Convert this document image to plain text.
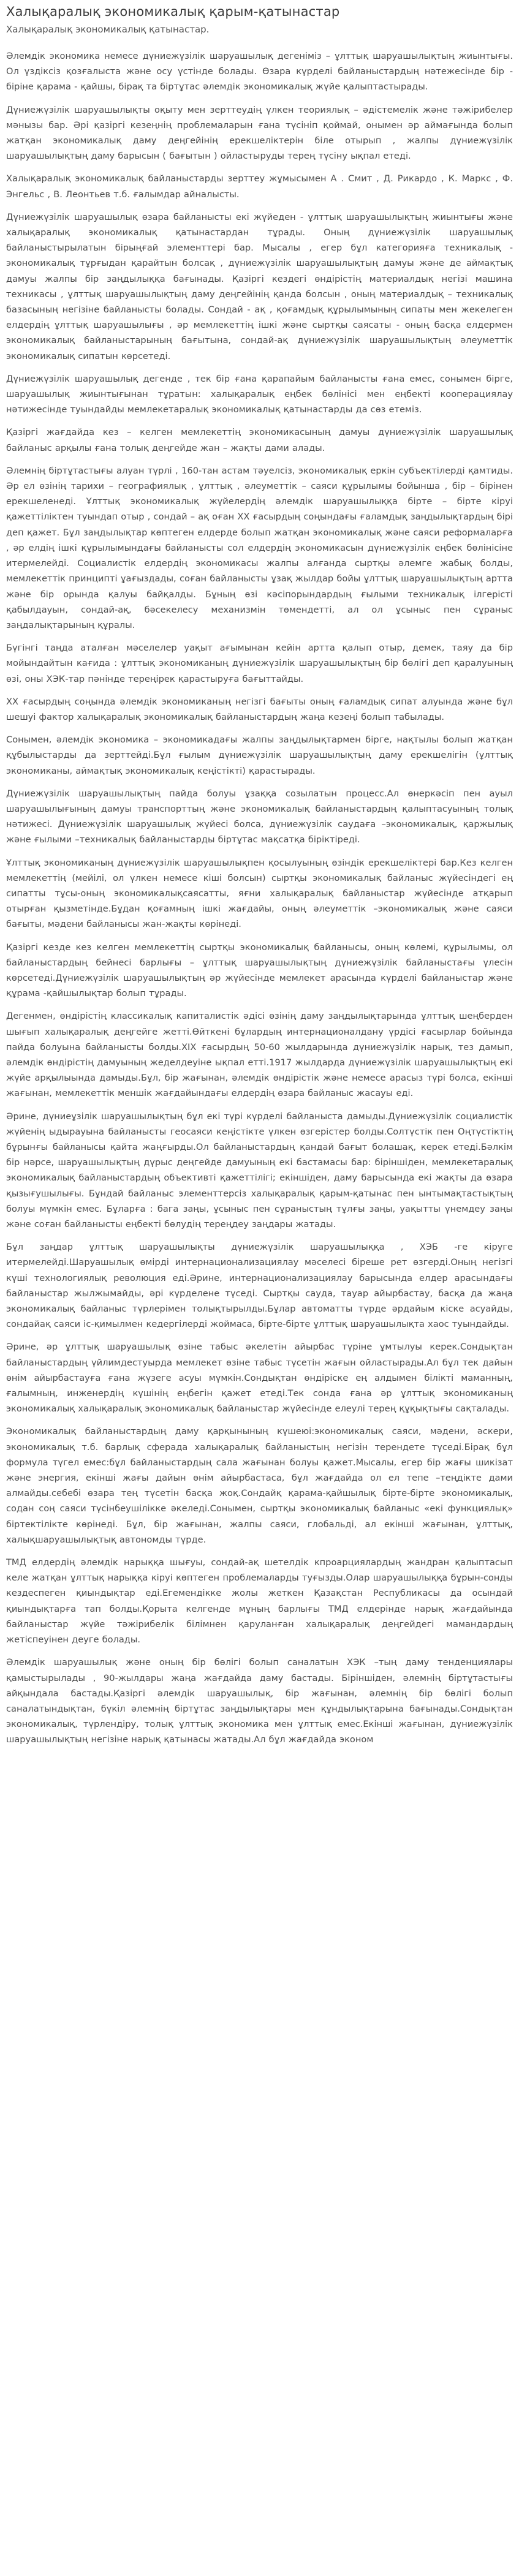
Халықаралық экономикалық қарым-қатынастар
Халықаралық экономикалық қатынастар.

Әлемдік экономика немесе дүниежүзілік шаруашылық дегеніміз – ұлттық шаруашылықтың жиынтығы. Ол үздіксіз қозғалыста және осу үстінде болады. Өзара күрделі байланыстардың нәтежесінде бір - біріне қарама - қайшы, бірақ та біртұтас әлемдік экономикалық жүйе қалыптастырады.

Дүниежүзілік шаруашылықты оқыту мен зерттеудің үлкен теориялық – әдістемелік және тәжірибелер мәнызы бар. Әрі қазіргі кезеңнің проблемаларын ғана түсініп қоймай, онымен әр аймағында болып жатқан экономикалық даму деңгейінің ерекшеліктерін біле отырып , жалпы дүниежүзілік шаруашылықтың даму барысын ( бағытын ) ойластыруды терең түсіну ықпал етеді.

Халықаралық экономикалық байланыстарды зерттеу жұмысымен А . Смит , Д. Рикардо , К. Маркс , Ф. Энгельс , В. Леонтьев т.б. ғалымдар айналысты.

Дүниежүзілік шаруашылық өзара байланысты екі жүйеден - ұлттық шаруашылықтың жиынтығы және халықаралық экономикалық қатынастардан тұрады. Оның дүниежүзілік шаруашылық байланыстырылатын бірыңғай элементтері бар. Мысалы , егер бұл категорияға техникалық - экономикалық тұрғыдан қарайтын болсақ , дүниежүзілік шаруашылықтың дамуы және де аймақтық дамуы жалпы бір заңдылыққа бағынады. Қазіргі кездегі өндірістің материалдық негізі машина техникасы , ұлттық шаруашылықтың даму деңгейінің қанда болсын , оның материалдық – техникалық базасының негізіне байланысты болады. Сондай - ақ , қоғамдық құрылымының сипаты мен жекелеген елдердің ұлттық шаруашылығы , әр мемлекеттің ішкі және сыртқы саясаты - оның басқа елдермен экономикалық байланыстарының бағытына, сондай-ақ дүниежүзілік шаруашылықтың әлеуметтік экономикалық сипатын көрсетеді.

Дүниежүзілік шаруашылық дегенде , тек бір ғана қарапайым байланысты ғана емес, сонымен бірге, шаруашылық жиынтығынан тұратын: халықаралық еңбек бөлінісі мен еңбекті кооперациялау нәтижесінде туындайды мемлекетаралық экономикалық қатынастарды да сөз етеміз.

Қазіргі жағдайда кез – келген мемлекеттің экономикасының дамуы дүниежүзілік шаруашылық байланыс арқылы ғана толық деңгейде жан – жақты дами алады.

Әлемнің біртұтастығы алуан түрлі , 160-тан астам тәуелсіз, экономикалық еркін субъектілерді қамтиды. Әр ел өзінің тарихи – географиялық , ұлттық , әлеуметтік – саяси құрылымы бойынша , бір – бірінен ерекшеленеді. Ұлттық экономикалық жүйелердің әлемдік шаруашылыққа бірте – бірте кіруі қажеттіліктен туындап отыр , сондай – ақ оған ХХ ғасырдың соңындағы ғаламдық заңдылықтардың бірі деп қажет. Бұл заңдылықтар көптеген елдерде болып жатқан экономикалық және саяси реформаларға , әр елдің ішкі құрылымындағы байланысты сол елдердің экономикасын дүниежүзілік еңбек бөлінісіне итермелейді. Социалистік елдердің экономикасы жалпы алғанда сыртқы әлемге жабық болды, мемлекеттік принципті ұағыздады, соған байланысты ұзақ жылдар бойы ұлттық шаруашылықтың артта және бір орында қалуы байқалды. Бұның өзі кәсіпорындардың ғылыми техникалық ілгерісті қабылдауын, сондай-ақ, бәсекелесу механизмін төмендетті, ал ол ұсыныс пен сұраныс заңдалықтарының құралы.

Бүгінгі таңда аталған мәселелер уақыт ағымынан кейін артта қалып отыр, демек, таяу да бір мойындайтын кағида : ұлттық экономиканың дүниежүзілік шаруашылықтың бір бөлігі деп қаралуының өзі, оны ХЭК-тар пәнінде тереңірек қарастыруға бағыттайды.

ХХ ғасырдың соңында әлемдік экономиканың негізгі бағыты оның ғаламдық сипат алуында және бұл шешуі фактор халықаралық экономикалық байланыстардың жаңа кезеңі болып табылады.

Сонымен, әлемдік экономика – экономикадағы жалпы заңдылықтармен бірге, нақтылы болып жатқан құбылыстарды да зерттейді.Бұл ғылым дүниежүзілік шаруашылықтың даму ерекшелігін (ұлттық экономиканы, аймақтық экономикалық кеңістікті) қарастырады.

Дүниежүзілік шаруашылықтың пайда болуы ұзаққа созылатын процесс.Ал өнеркәсіп пен ауыл шаруашылығының дамуы транспорттың және экономикалық байланыстардың қалыптасуының толық нәтижесі. Дүниежүзілік шаруашылық жүйесі болса, дүниежүзілік саудаға –экономикалық, қаржылық және ғылыми –техникалық байланыстарды біртұтас мақсатқа біріктіреді.

Ұлттық экономиканың дүниежүзілік шаруашылықпен қосылуының өзіндік ерекшеліктері бар.Кез келген мемлекеттің (мейілі, ол үлкен немесе кіші болсын) сыртқы экономикалық байланыс жүйесіндегі ең сипатты тұсы-оның экономикалықсаясатты, яғни халықаралық байланыстар жүйесінде атқарып отырған қызметінде.Бұдан қоғамның ішкі жағдайы, оның әлеуметтік –экономикалық және саяси бағыты, мәдени байланысы жан-жақты көрінеді.

Қазіргі кезде кез келген мемлекеттің сыртқы экономикалық байланысы, оның көлемі, құрылымы, ол байланыстардың бейнесі барлығы – ұлттық шаруашылықтың дүниежүзілік байланыстағы үлесін көрсетеді.Дүниежүзілік шаруашылықтың әр жүйесінде мемлекет арасында күрделі байланыстар және құрама -қайшылықтар болып тұрады.

Дегенмен, өндірістің классикалық капиталистік әдісі өзінің даму заңдылықтарында ұлттық шеңберден шығып халықаралық деңгейге жетті.Өйткені бұлардың интернационалдану үрдісі ғасырлар бойында пайда болуына байланысты болды.XIX ғасырдың 50-60 жылдарында дүниежүзілік нарық, тез дамып, әлемдік өндірістің дамуының жеделдеуіне ықпал етті.1917 жылдарда дүниежүзілік шаруашылықтың екі жүйе арқылыында дамыды.Бұл, бір жағынан, әлемдік өндірістік және немесе арасыз түрі болса, екінші жағынан, мемлекеттік меншік жағдайындағы елдердің өзара байланыс жасауы еді.

Әрине, дүниеұзілік шаруашылықтың бұл екі түрі күрделі байланыста дамыды.Дүниежүзілік социалистік жүйенің ыдырауына байланысты геосаяси кеңістікте үлкен өзгерістер болды.Солтүстік пен Оңтүстіктің бұрынғы байланысы қайта жаңғырды.Ол байланыстардың қандай бағыт болашақ, керек етеді.Бәлкім бір нәрсе, шаруашылықтың дүрыс деңгейде дамуының екі бастамасы бар: біріншіден, мемлекетаралық экономикалық байланыстардың объективті қажеттілігі; екіншіден, даму барысында екі жақты да өзара қызығушылығы. Бұндай байланыс элементтерсіз халықаралық қарым-қатынас пен ынтымақтастықтың болуы мүмкін емес. Бұларға : бага заңы, ұсыныс пен сұраныстың тұлғы заңы, уақытты үнемдеу заңы және соған байланысты еңбекті бөлудің тереңдеу заңдары жатады.

Бұл заңдар ұлттық шаруашылықты дүниежүзілік шаруашылыққа , ХЭБ -ге кіруге итермелейді.Шаруашылық өмірді интернационализациялау мәселесі біреше рет өзгерді.Оның негізгі күші технологиялық революция еді.Әрине, интернационализациялау барысында елдер арасындағы байланыстар жылжымайды, әрі күрделене түседі. Сыртқы сауда, тауар айырбастау, басқа да жаңа экономикалық байланыс түрлерімен толықтырылды.Бұлар автоматты түрде әрдайым кіске асуайды, сондайақ саяси іс-қимылмен кедергілерді жоймаса, бірте-бірте ұлттық шаруашылықта хаос туындайды.

Әрине, әр ұлттық шаруашылық өзіне табыс әкелетін айырбас түріне ұмтылуы керек.Сондықтан байланыстардың үйлимдестуырда мемлекет өзіне табыс түсетін жағын ойластырады.Ал бұл тек дайын өнім айырбастауға ғана жүзеге асуы мүмкін.Сондықтан өндіріске ең алдымен білікті маманның, ғалымның, инженердің күшінің еңбегін қажет етеді.Тек сонда ғана әр ұлттық экономиканың экономикалық халықаралық экономикалық байланыстар жүйесінде елеулі терең құқықтығы сақталады.

Экономикалық байланыстардың даму қарқынының күшеюі:экономикалық саяси, мәдени, әскери, экономикалық т.б. барлық сферада халықаралық байланыстың негізін терендете түседі.Бірақ бұл формула түгел емес:бұл байланыстардың сала жағынан болуы қажет.Мысалы, егер бір жағы шикізат және энергия, екінші жағы дайын өнім айырбастаса, бұл жағдайда ол ел тепе –теңдікте дами алмайды.себебі өзара тең түсетін басқа жоқ.Сондайқ қарама-қайшылық бірте-бірте экономикалық, содан соң саяси түсінбеушілікке әкеледі.Сонымен, сыртқы экономикалық байланыс «екі функциялық» біртектілікте көрінеді. Бұл, бір жағынан, жалпы саяси, глобальді, ал екінші жағынан, ұлттық, халықшаруашылықтық автономды түрде.

ТМД елдердің әлемдік нарыққа шығуы, сондай-ақ шетелдік кпроарциялардың жандран қалыптасып келе жатқан ұлттық нарыққа кіруі көптеген проблемаларды туғызды.Олар шаруашылыққа бұрын-сонды кездеспеген қиындықтар еді.Егемендікке жолы жеткен Қазақстан Республикасы да осындай қиындықтарға тап болды.Қорыта келгенде мұның барлығы ТМД елдерінде нарық жағдайында байланыстар жүйе тәжірибелік білімнен қаруланған халықаралық деңгейдегі мамандардың жетіспеуінен деуге болады.

Әлемдік шаруашылық және оның бір бөлігі болып саналатын ХЭК –тың даму тенденциялары қамыстырылады , 90-жылдары жаңа жағдайда даму бастады. Біріншіден, әлемнің біртұтастығы айқындала бастады.Қазіргі әлемдік шаруашылық, бір жағынан, әлемнің бір бөлігі болып саналатындықтан, бүкіл әлемнің біртұтас заңдылықтары мен құндылықтарына бағынады.Сондықтан экономикалық, түрлендіру, толық ұлттық экономика мен ұлттық емес.Екінші жағынан, дүниежүзілік шаруашылықтың негізіне нарық қатынасы жатады.Ал бұл жағдайда эконом
